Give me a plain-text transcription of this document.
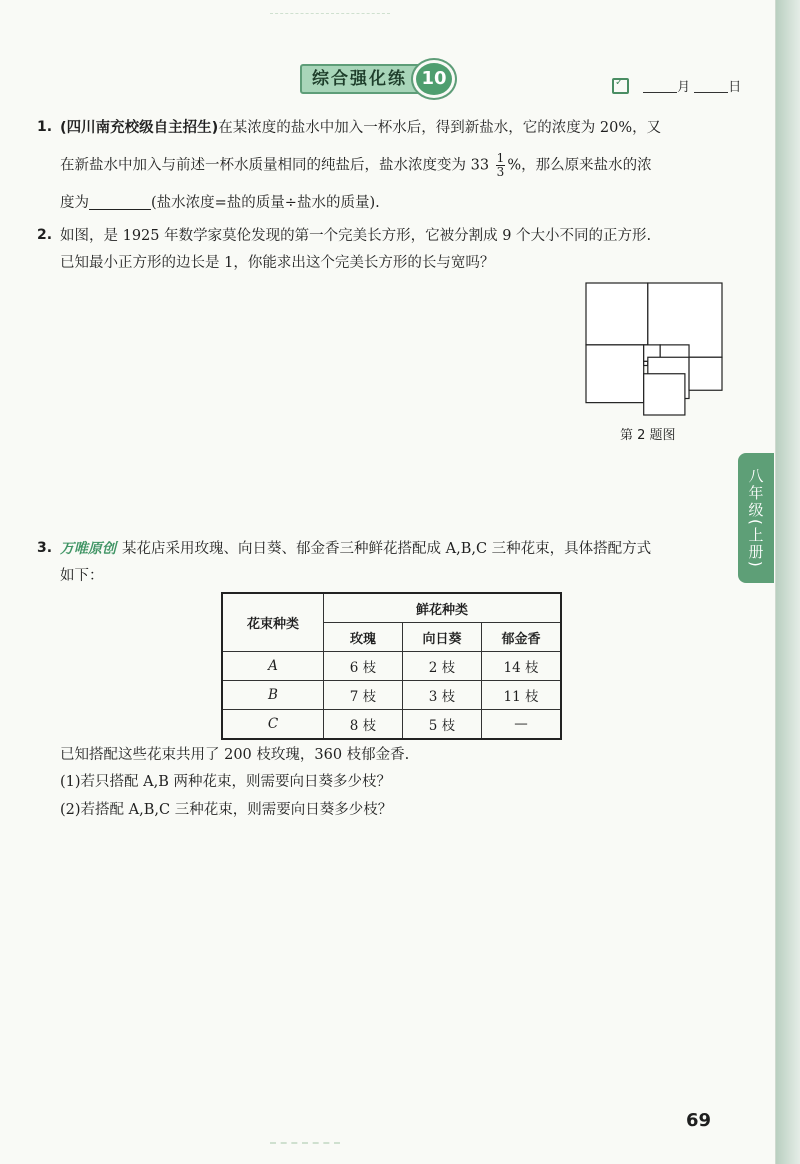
综合强化练 10 ✓	月	日
1. (四川南充校级自主招生)在某浓度的盐水中加入一杯水后，得到新盐水，它的浓度为 20%，又
在新盐水中加入与前述一杯水质量相同的纯盐后，盐水浓度变为 $33 \frac{1}{3}$ %，那么原来盐水的浓
度为	(盐水浓度=盐的质量÷盐水的质量).
2. 如图，是 1925 年数学家莫伦发现的第一个完美长方形，它被分割成 9 个大小不同的正方形.
已知最小正方形的边长是 1，你能求出这个完美长方形的长与宽吗？
第 2 题图
3. 万唯原创 某花店采用玫瑰、向日葵、郁金香三种鲜花搭配成 A,B,C 三种花束，具体搭配方式
如下：
花束种类	鲜花种类		
	玫瑰	向日葵	郁金香
A	6 枝	2 枝	14 枝
B	7 枝	3 枝	11 枝
C	8 枝	5 枝	—
已知搭配这些花束共用了 200 枝玫瑰，360 枝郁金香.
(1)若只搭配 A,B 两种花束，则需要向日葵多少枝？
(2)若搭配 A,B,C 三种花束，则需要向日葵多少枝？
69
八年级(上册)
